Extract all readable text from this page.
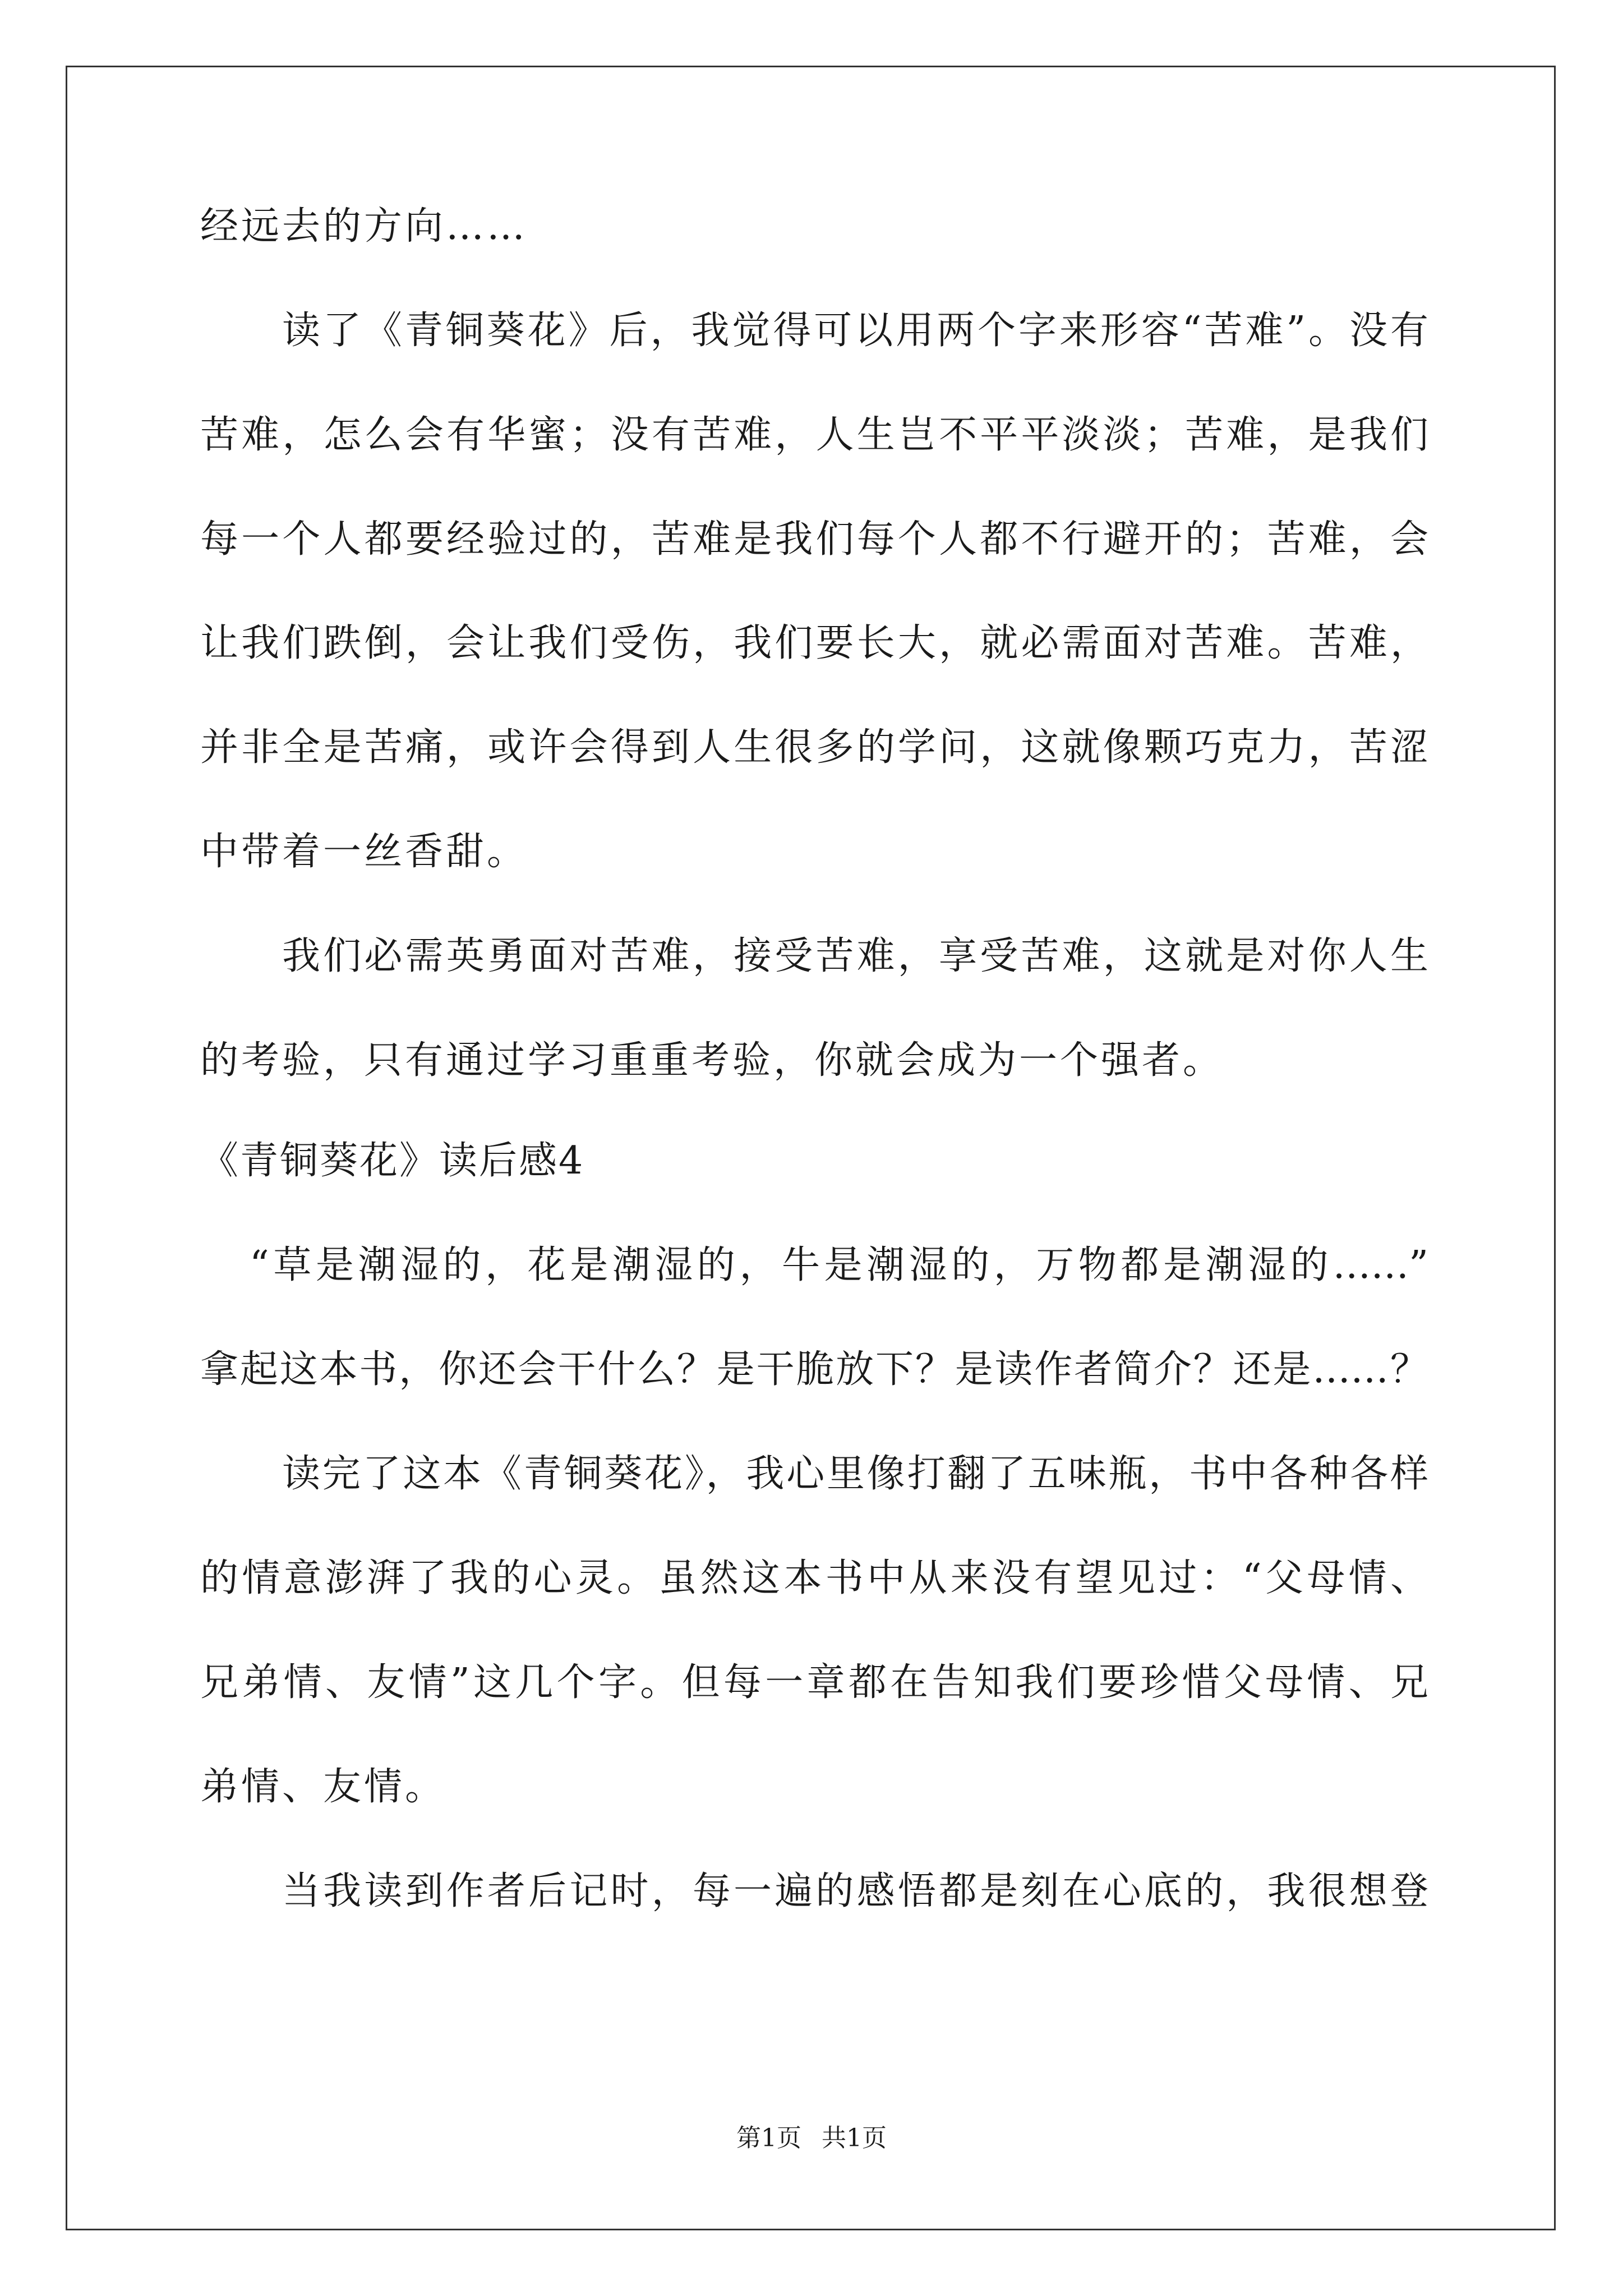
经远去的方向……
读了《青铜葵花》后，我觉得可以用两个字来形容“苦难”。没有
苦难，怎么会有华蜜；没有苦难，人生岂不平平淡淡；苦难，是我们
每一个人都要经验过的，苦难是我们每个人都不行避开的；苦难，会
让我们跌倒，会让我们受伤，我们要长大，就必需面对苦难。苦难，
并非全是苦痛，或许会得到人生很多的学问，这就像颗巧克力，苦涩
中带着一丝香甜。
我们必需英勇面对苦难，接受苦难，享受苦难，这就是对你人生
的考验，只有通过学习重重考验，你就会成为一个强者。
《青铜葵花》读后感4
“草是潮湿的，花是潮湿的，牛是潮湿的，万物都是潮湿的……”
拿起这本书，你还会干什么？是干脆放下？是读作者简介？还是……？
读完了这本《青铜葵花》，我心里像打翻了五味瓶，书中各种各样
的情意澎湃了我的心灵。虽然这本书中从来没有望见过：“父母情、
兄弟情、友情”这几个字。但每一章都在告知我们要珍惜父母情、兄
弟情、友情。
当我读到作者后记时，每一遍的感悟都是刻在心底的，我很想登
第1页 共1页
